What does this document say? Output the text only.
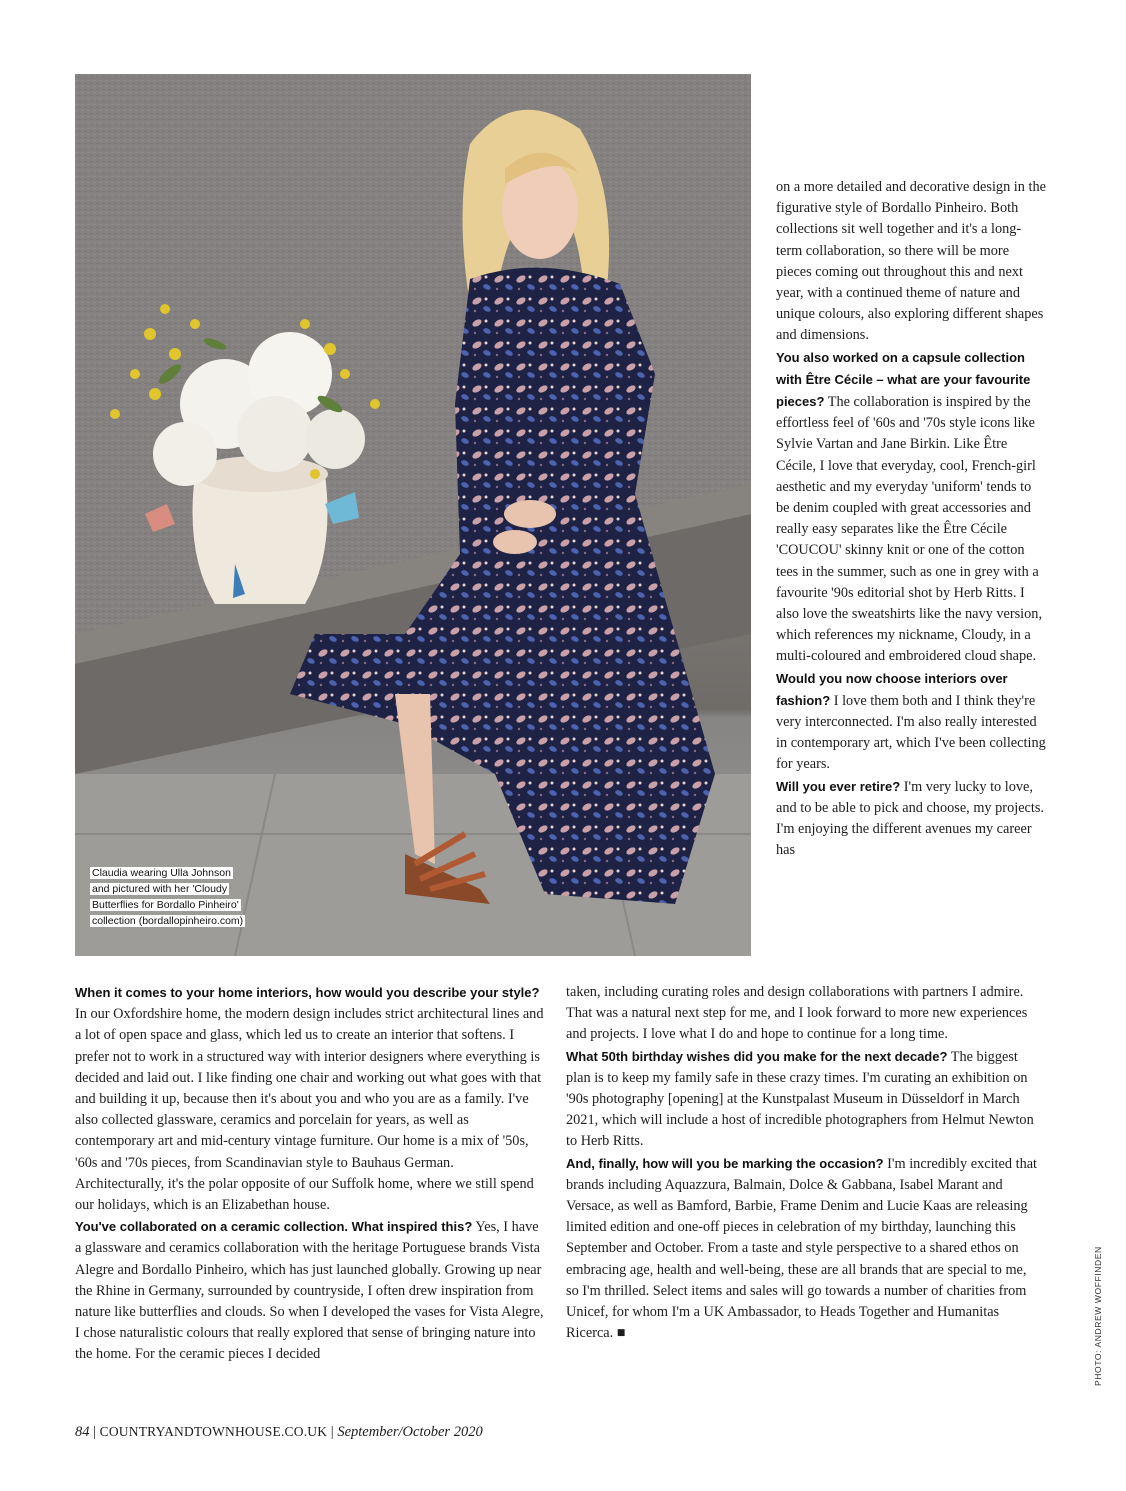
Claudia wearing Ulla Johnson and pictured with her 'Cloudy Butterflies for Bordallo Pinheiro' collection (bordallopinheiro.com)

on a more detailed and decorative design in the figurative style of Bordallo Pinheiro. Both collections sit well together and it's a long-term collaboration, so there will be more pieces coming out throughout this and next year, with a continued theme of nature and unique colours, also exploring different shapes and dimensions.

You also worked on a capsule collection with Être Cécile – what are your favourite pieces? The collaboration is inspired by the effortless feel of '60s and '70s style icons like Sylvie Vartan and Jane Birkin. Like Être Cécile, I love that everyday, cool, French-girl aesthetic and my everyday 'uniform' tends to be denim coupled with great accessories and really easy separates like the Être Cécile 'COUCOU' skinny knit or one of the cotton tees in the summer, such as one in grey with a favourite '90s editorial shot by Herb Ritts. I also love the sweatshirts like the navy version, which references my nickname, Cloudy, in a multi-coloured and embroidered cloud shape.

Would you now choose interiors over fashion? I love them both and I think they're very interconnected. I'm also really interested in contemporary art, which I've been collecting for years.

Will you ever retire? I'm very lucky to love, and to be able to pick and choose, my projects. I'm enjoying the different avenues my career has

When it comes to your home interiors, how would you describe your style? In our Oxfordshire home, the modern design includes strict architectural lines and a lot of open space and glass, which led us to create an interior that softens. I prefer not to work in a structured way with interior designers where everything is decided and laid out. I like finding one chair and working out what goes with that and building it up, because then it's about you and who you are as a family. I've also collected glassware, ceramics and porcelain for years, as well as contemporary art and mid-century vintage furniture. Our home is a mix of '50s, '60s and '70s pieces, from Scandinavian style to Bauhaus German. Architecturally, it's the polar opposite of our Suffolk home, where we still spend our holidays, which is an Elizabethan house.

You've collaborated on a ceramic collection. What inspired this? Yes, I have a glassware and ceramics collaboration with the heritage Portuguese brands Vista Alegre and Bordallo Pinheiro, which has just launched globally. Growing up near the Rhine in Germany, surrounded by countryside, I often drew inspiration from nature like butterflies and clouds. So when I developed the vases for Vista Alegre, I chose naturalistic colours that really explored that sense of bringing nature into the home. For the ceramic pieces I decided

taken, including curating roles and design collaborations with partners I admire. That was a natural next step for me, and I look forward to more new experiences and projects. I love what I do and hope to continue for a long time.

What 50th birthday wishes did you make for the next decade? The biggest plan is to keep my family safe in these crazy times. I'm curating an exhibition on '90s photography [opening] at the Kunstpalast Museum in Düsseldorf in March 2021, which will include a host of incredible photographers from Helmut Newton to Herb Ritts.

And, finally, how will you be marking the occasion? I'm incredibly excited that brands including Aquazzura, Balmain, Dolce & Gabbana, Isabel Marant and Versace, as well as Bamford, Barbie, Frame Denim and Lucie Kaas are releasing limited edition and one-off pieces in celebration of my birthday, launching this September and October. From a taste and style perspective to a shared ethos on embracing age, health and well-being, these are all brands that are special to me, so I'm thrilled. Select items and sales will go towards a number of charities from Unicef, for whom I'm a UK Ambassador, to Heads Together and Humanitas Ricerca. ■

84 | COUNTRYANDTOWNHOUSE.CO.UK | September/October 2020
PHOTO: ANDREW WOFFINDEN
